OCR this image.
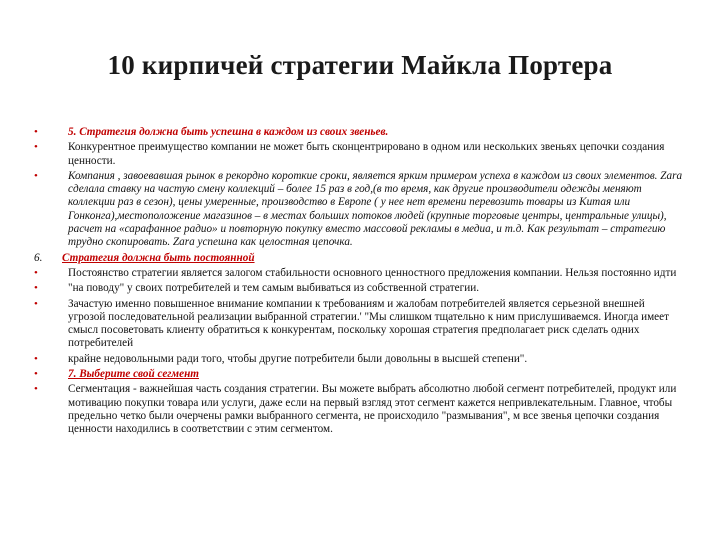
10 кирпичей стратегии Майкла Портера
•	5. Стратегия должна быть успешна в каждом из своих звеньев.
•	Конкурентное преимущество компании не может быть сконцентрировано в одном или нескольких звеньях цепочки создания ценности.
•	Компания , завоевавшая рынок в рекордно короткие сроки, является ярким примером успеха в каждом из своих элементов. Zara сделала ставку на частую смену коллекций – более 15 раз в год,(в то время, как другие производители одежды меняют коллекции раз в сезон), цены умеренные, производство в Европе ( у нее нет времени перевозить товары из Китая или Гонконга),местоположение магазинов – в местах больших потоков людей (крупные торговые центры, центральные улицы), расчет на «сарафанное радио» и повторную покупку вместо массовой рекламы в медиа, и т.д. Как результат – стратегию трудно скопировать. Zara успешна как целостная цепочка.
6.	Стратегия должна быть постоянной
•	Постоянство стратегии является залогом стабильности основного ценностного предложения компании. Нельзя постоянно идти
•	"на поводу" у своих потребителей и тем самым выбиваться из собственной стратегии.
•	Зачастую именно повышенное внимание компании к требованиям и жалобам потребителей является серьезной внешней угрозой последовательной реализации выбранной стратегии.' "Мы слишком тщательно к ним прислушиваемся. Иногда имеет смысл посоветовать клиенту обратиться к конкурентам, поскольку хорошая стратегия предполагает риск сделать одних потребителей
•	крайне недовольными ради того, чтобы другие потребители были довольны в высшей степени".
•	7. Выберите свой сегмент
•	Сегментация - важнейшая часть создания стратегии. Вы можете выбрать абсолютно любой сегмент потребителей, продукт или мотивацию покупки товара или услуги, даже если на первый взгляд этот сегмент кажется непривлекательным. Главное, чтобы предельно четко были очерчены рамки выбранного сегмента, не происходило "размывания", м все звенья цепочки создания ценности находились в соответствии с этим сегментом.
